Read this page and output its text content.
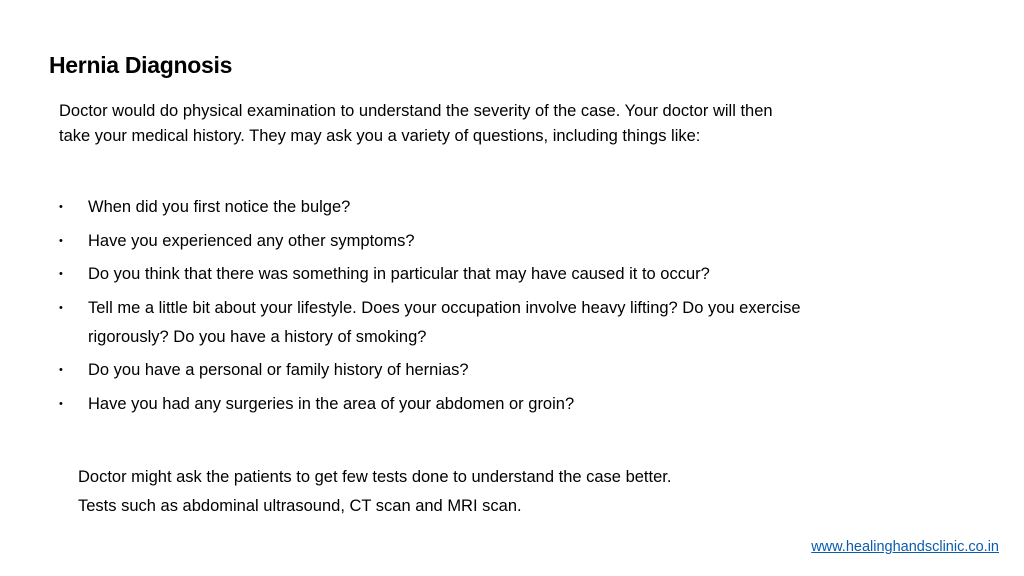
Hernia Diagnosis
Doctor would do physical examination to understand the severity of the case. Your doctor will then take your medical history. They may ask you a variety of questions, including things like:
• When did you first notice the bulge?
• Have you experienced any other symptoms?
• Do you think that there was something in particular that may have caused it to occur?
• Tell me a little bit about your lifestyle. Does your occupation involve heavy lifting? Do you exercise rigorously? Do you have a history of smoking?
• Do you have a personal or family history of hernias?
• Have you had any surgeries in the area of your abdomen or groin?
Doctor might ask the patients to get few tests done to understand the case better.
Tests such as abdominal ultrasound, CT scan and MRI scan.
www.healinghandsclinic.co.in
